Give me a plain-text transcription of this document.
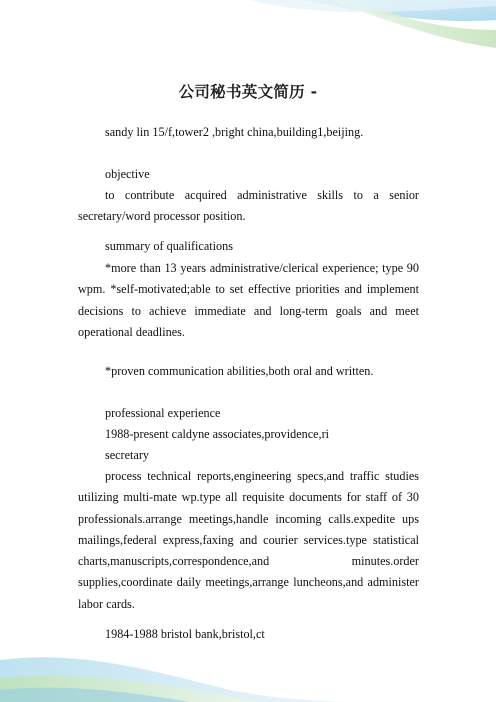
公司秘书英文简历 -
sandy lin 15/f,tower2 ,bright china,building1,beijing.
objective
to contribute acquired administrative skills to a senior secretary/word processor position.
summary of qualifications
*more than 13 years administrative/clerical experience; type 90 wpm. *self-motivated;able to set effective priorities and implement decisions to achieve immediate and long-term goals and meet operational deadlines.
*proven communication abilities,both oral and written.
professional experience
1988-present caldyne associates,providence,ri
secretary
process technical reports,engineering specs,and traffic studies utilizing multi-mate wp.type all requisite documents for staff of 30 professionals.arrange meetings,handle incoming calls.expedite ups mailings,federal express,faxing and courier services.type statistical charts,manuscripts,correspondence,and minutes.order supplies,coordinate daily meetings,arrange luncheons,and administer labor cards.
1984-1988 bristol bank,bristol,ct
